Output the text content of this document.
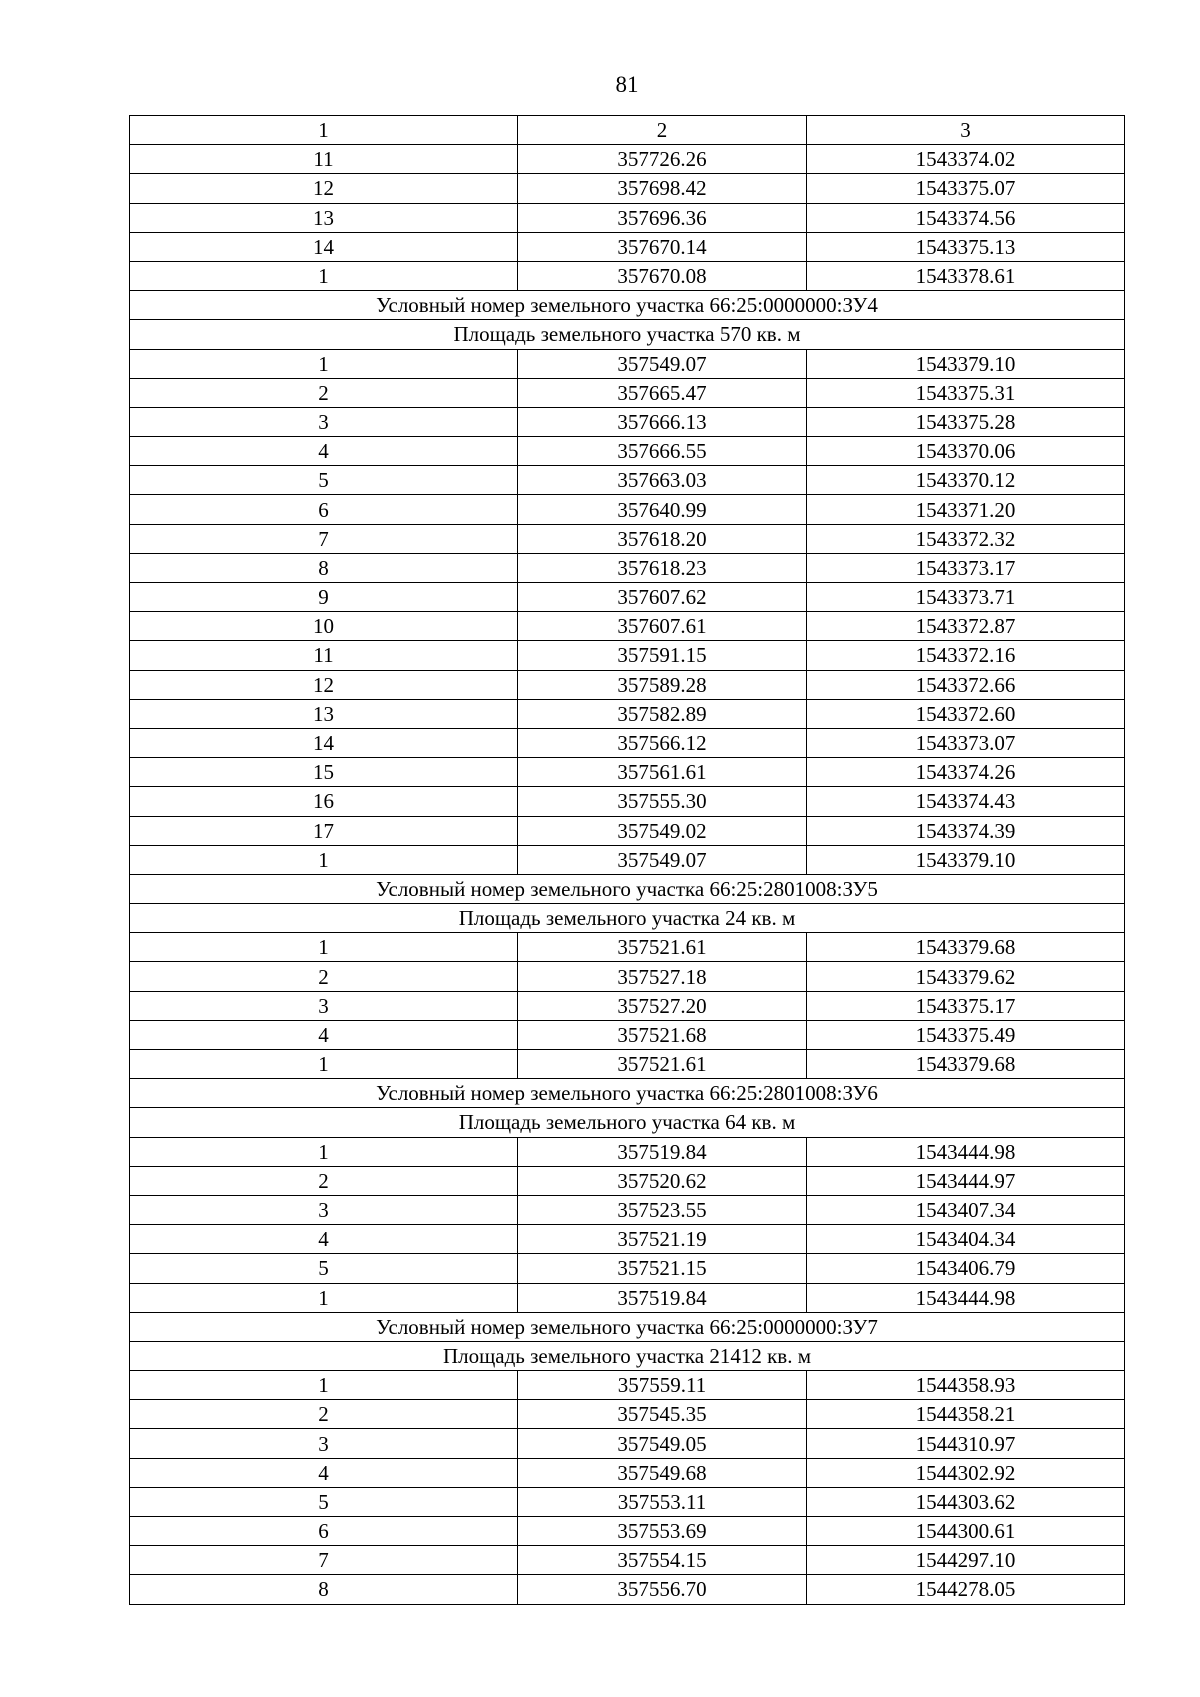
81
1	2	3
11	357726.26	1543374.02
12	357698.42	1543375.07
13	357696.36	1543374.56
14	357670.14	1543375.13
1	357670.08	1543378.61
Условный номер земельного участка 66:25:0000000:ЗУ4		
Площадь земельного участка 570 кв. м		
1	357549.07	1543379.10
2	357665.47	1543375.31
3	357666.13	1543375.28
4	357666.55	1543370.06
5	357663.03	1543370.12
6	357640.99	1543371.20
7	357618.20	1543372.32
8	357618.23	1543373.17
9	357607.62	1543373.71
10	357607.61	1543372.87
11	357591.15	1543372.16
12	357589.28	1543372.66
13	357582.89	1543372.60
14	357566.12	1543373.07
15	357561.61	1543374.26
16	357555.30	1543374.43
17	357549.02	1543374.39
1	357549.07	1543379.10
Условный номер земельного участка 66:25:2801008:ЗУ5		
Площадь земельного участка 24 кв. м		
1	357521.61	1543379.68
2	357527.18	1543379.62
3	357527.20	1543375.17
4	357521.68	1543375.49
1	357521.61	1543379.68
Условный номер земельного участка 66:25:2801008:ЗУ6		
Площадь земельного участка 64 кв. м		
1	357519.84	1543444.98
2	357520.62	1543444.97
3	357523.55	1543407.34
4	357521.19	1543404.34
5	357521.15	1543406.79
1	357519.84	1543444.98
Условный номер земельного участка 66:25:0000000:ЗУ7		
Площадь земельного участка 21412 кв. м		
1	357559.11	1544358.93
2	357545.35	1544358.21
3	357549.05	1544310.97
4	357549.68	1544302.92
5	357553.11	1544303.62
6	357553.69	1544300.61
7	357554.15	1544297.10
8	357556.70	1544278.05
